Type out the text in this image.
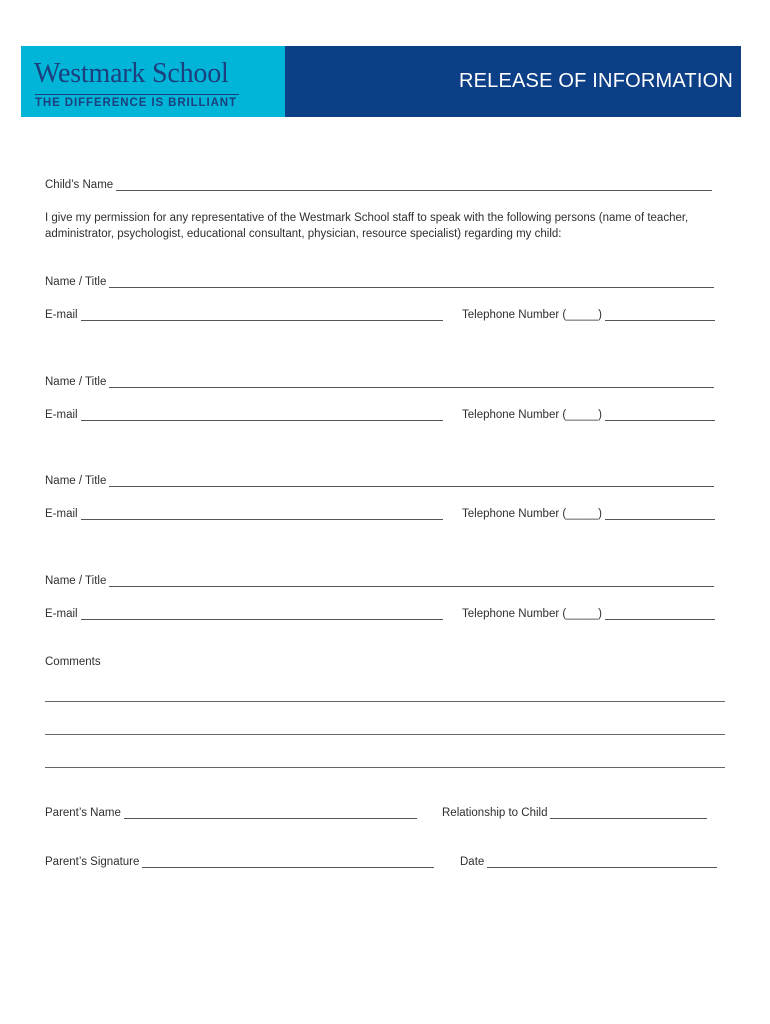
Westmark School
THE DIFFERENCE IS BRILLIANT
RELEASE OF INFORMATION
Child’s Name
I give my permission for any representative of the Westmark School staff to speak with the following persons (name of teacher, administrator, psychologist, educational consultant, physician, resource specialist) regarding my child:
Name / Title
E-mail	Telephone Number (_____)
Name / Title
E-mail	Telephone Number (_____)
Name / Title
E-mail	Telephone Number (_____)
Name / Title
E-mail	Telephone Number (_____)
Comments
Parent’s Name	Relationship to Child
Parent’s Signature	Date
